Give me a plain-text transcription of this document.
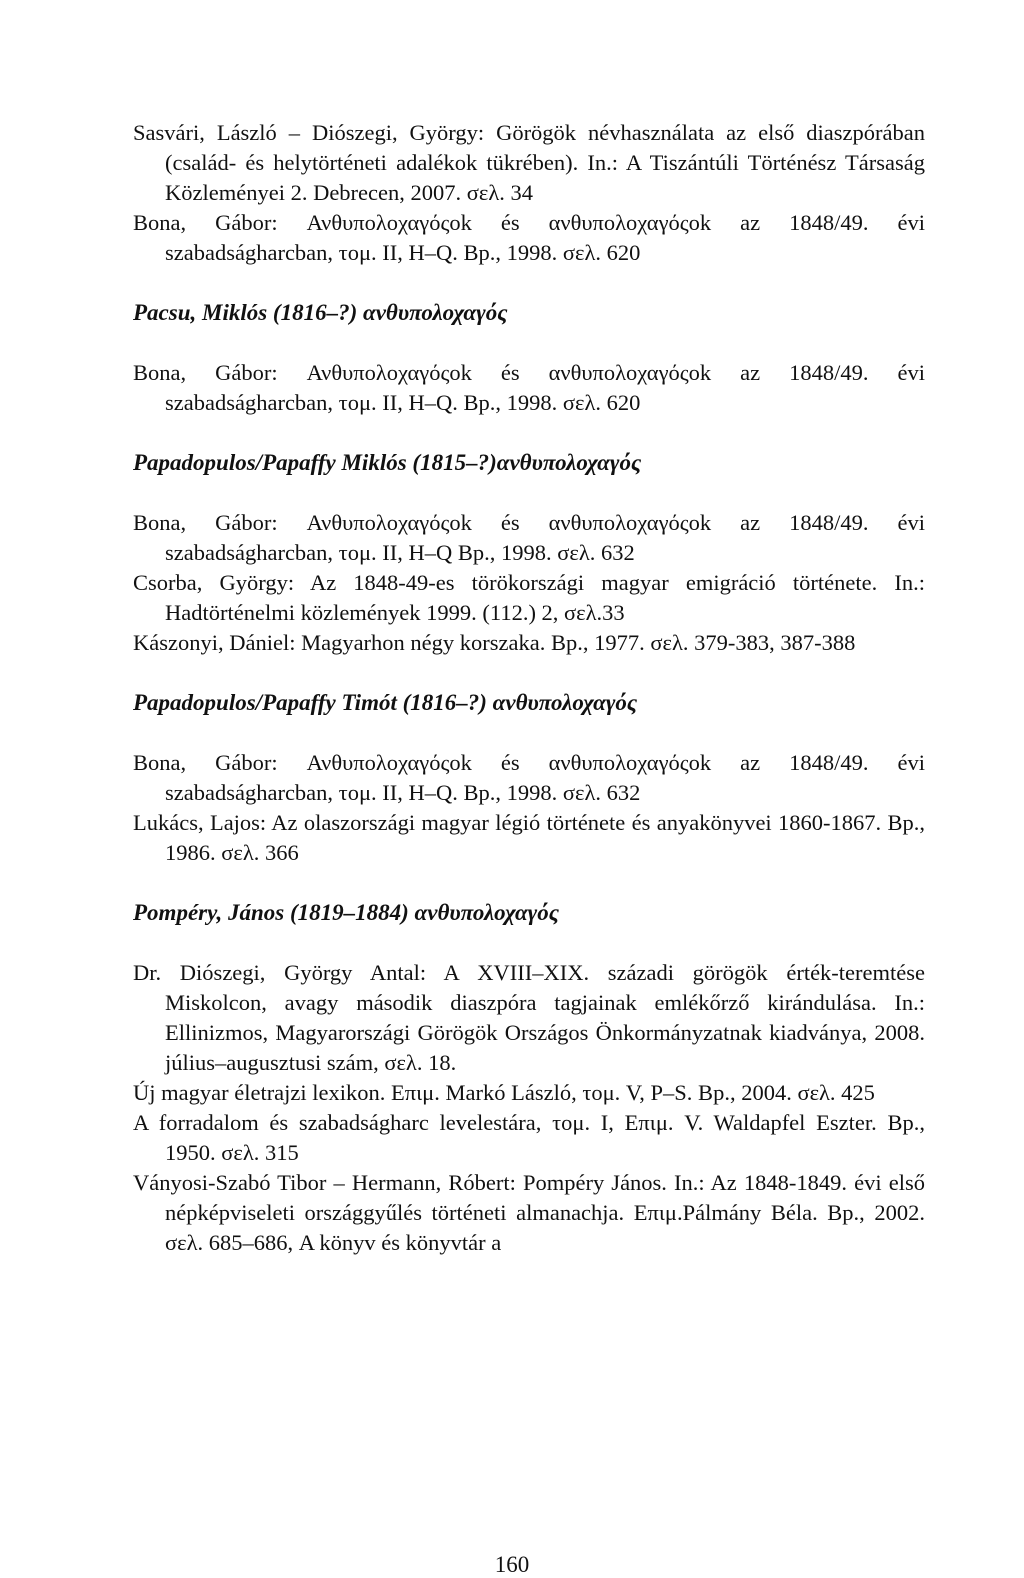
Sasvári, László – Diószegi, György: Görögök névhasználata az első diaszpórában (család- és helytörténeti adalékok tükrében). In.: A Tiszántúli Történész Társaság Közleményei 2. Debrecen, 2007. σελ. 34

Bona, Gábor: Ανθυπολοχαγόςok és ανθυπολοχαγόςok az 1848/49. évi szabadságharcban, τομ. II, H–Q. Bp., 1998. σελ. 620

Pacsu, Miklós (1816–?) ανθυπολοχαγός

Bona, Gábor: Ανθυπολοχαγόςok és ανθυπολοχαγόςok az 1848/49. évi szabadságharcban, τομ. II, H–Q. Bp., 1998. σελ. 620

Papadopulos/Papaffy Miklós (1815–?)ανθυπολοχαγός

Bona, Gábor: Ανθυπολοχαγόςok és ανθυπολοχαγόςok az 1848/49. évi szabadságharcban, τομ. II, H–Q Bp., 1998. σελ. 632

Csorba, György: Az 1848-49-es törökországi magyar emigráció története. In.: Hadtörténelmi közlemények 1999. (112.) 2, σελ.33

Kászonyi, Dániel: Magyarhon négy korszaka. Bp., 1977. σελ. 379-383, 387-388

Papadopulos/Papaffy Timót (1816–?) ανθυπολοχαγός

Bona, Gábor: Ανθυπολοχαγόςok és ανθυπολοχαγόςok az 1848/49. évi szabadságharcban, τομ. II, H–Q. Bp., 1998. σελ. 632

Lukács, Lajos: Az olaszországi magyar légió története és anyakönyvei 1860-1867. Bp., 1986. σελ. 366

Pompéry, János (1819–1884) ανθυπολοχαγός

Dr. Diószegi, György Antal: A XVIII–XIX. századi görögök érték-teremtése Miskolcon, avagy második diaszpóra tagjainak emlékőrző kirándulása. In.: Ellinizmos, Magyarországi Görögök Országos Önkormányzatnak kiadványa, 2008. július–augusztusi szám, σελ. 18.

Új magyar életrajzi lexikon. Επιμ. Markó László, τομ. V, P–S. Bp., 2004. σελ. 425

A forradalom és szabadságharc levelestára, τομ. I, Επιμ. V. Waldapfel Eszter. Bp., 1950. σελ. 315

Ványosi-Szabó Tibor – Hermann, Róbert: Pompéry János. In.: Az 1848-1849. évi első népképviseleti országgyűlés történeti almanachja. Επιμ.Pálmány Béla. Bp., 2002. σελ. 685–686, A könyv és könyvtár a

160
